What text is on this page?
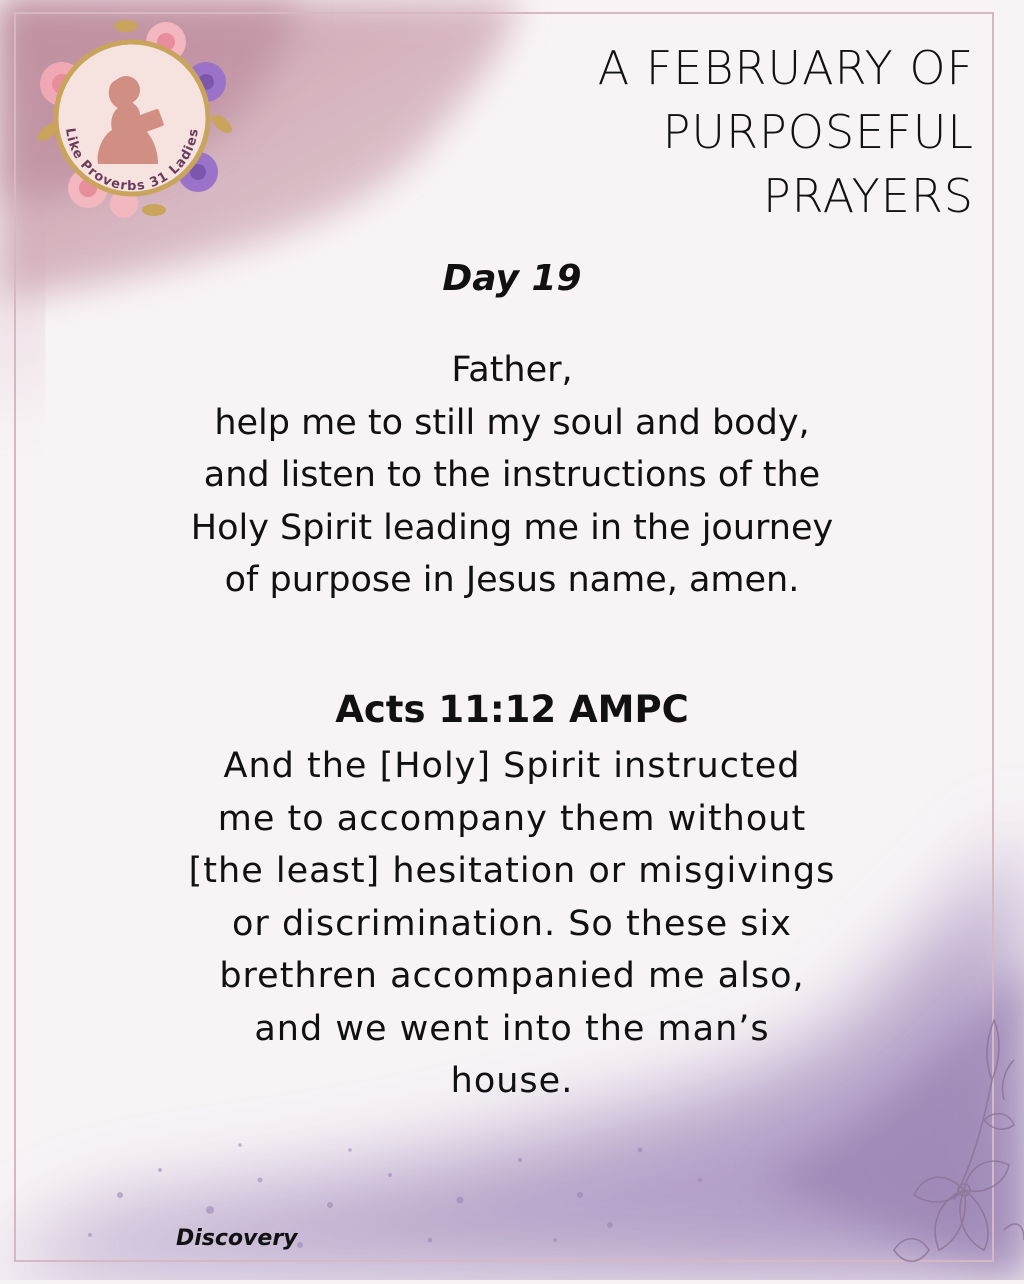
Like Proverbs 31 Ladies
A FEBRUARY OF
PURPOSEFUL
PRAYERS
Day 19
Father,
help me to still my soul and body,
and listen to the instructions of the
Holy Spirit leading me in the journey
of purpose in Jesus name, amen.
Acts 11:12 AMPC
And the [Holy] Spirit instructed
me to accompany them without
[the least] hesitation or misgivings
or discrimination. So these six
brethren accompanied me also,
and we went into the man’s
house.
Discovery
